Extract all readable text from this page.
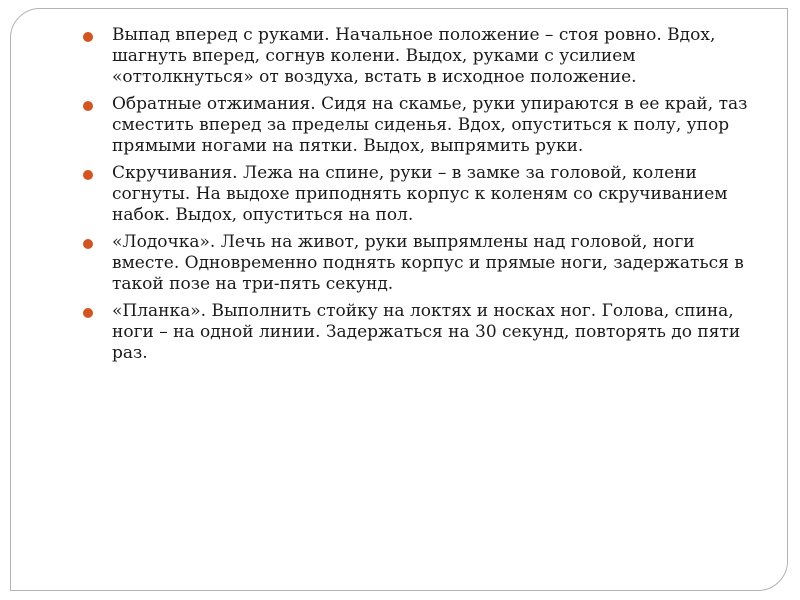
Выпад вперед с руками. Начальное положение – стоя ровно. Вдох, шагнуть вперед, согнув колени. Выдох, руками с усилием «оттолкнуться» от воздуха, встать в исходное положение.
Обратные отжимания. Сидя на скамье, руки упираются в ее край, таз сместить вперед за пределы сиденья. Вдох, опуститься к полу, упор прямыми ногами на пятки. Выдох, выпрямить руки.
Скручивания. Лежа на спине, руки – в замке за головой, колени согнуты. На выдохе приподнять корпус к коленям со скручиванием набок. Выдох, опуститься на пол.
«Лодочка». Лечь на живот, руки выпрямлены над головой, ноги вместе. Одновременно поднять корпус и прямые ноги, задержаться в такой позе на три-пять секунд.
«Планка». Выполнить стойку на локтях и носках ног. Голова, спина, ноги – на одной линии. Задержаться на 30 секунд, повторять до пяти раз.
